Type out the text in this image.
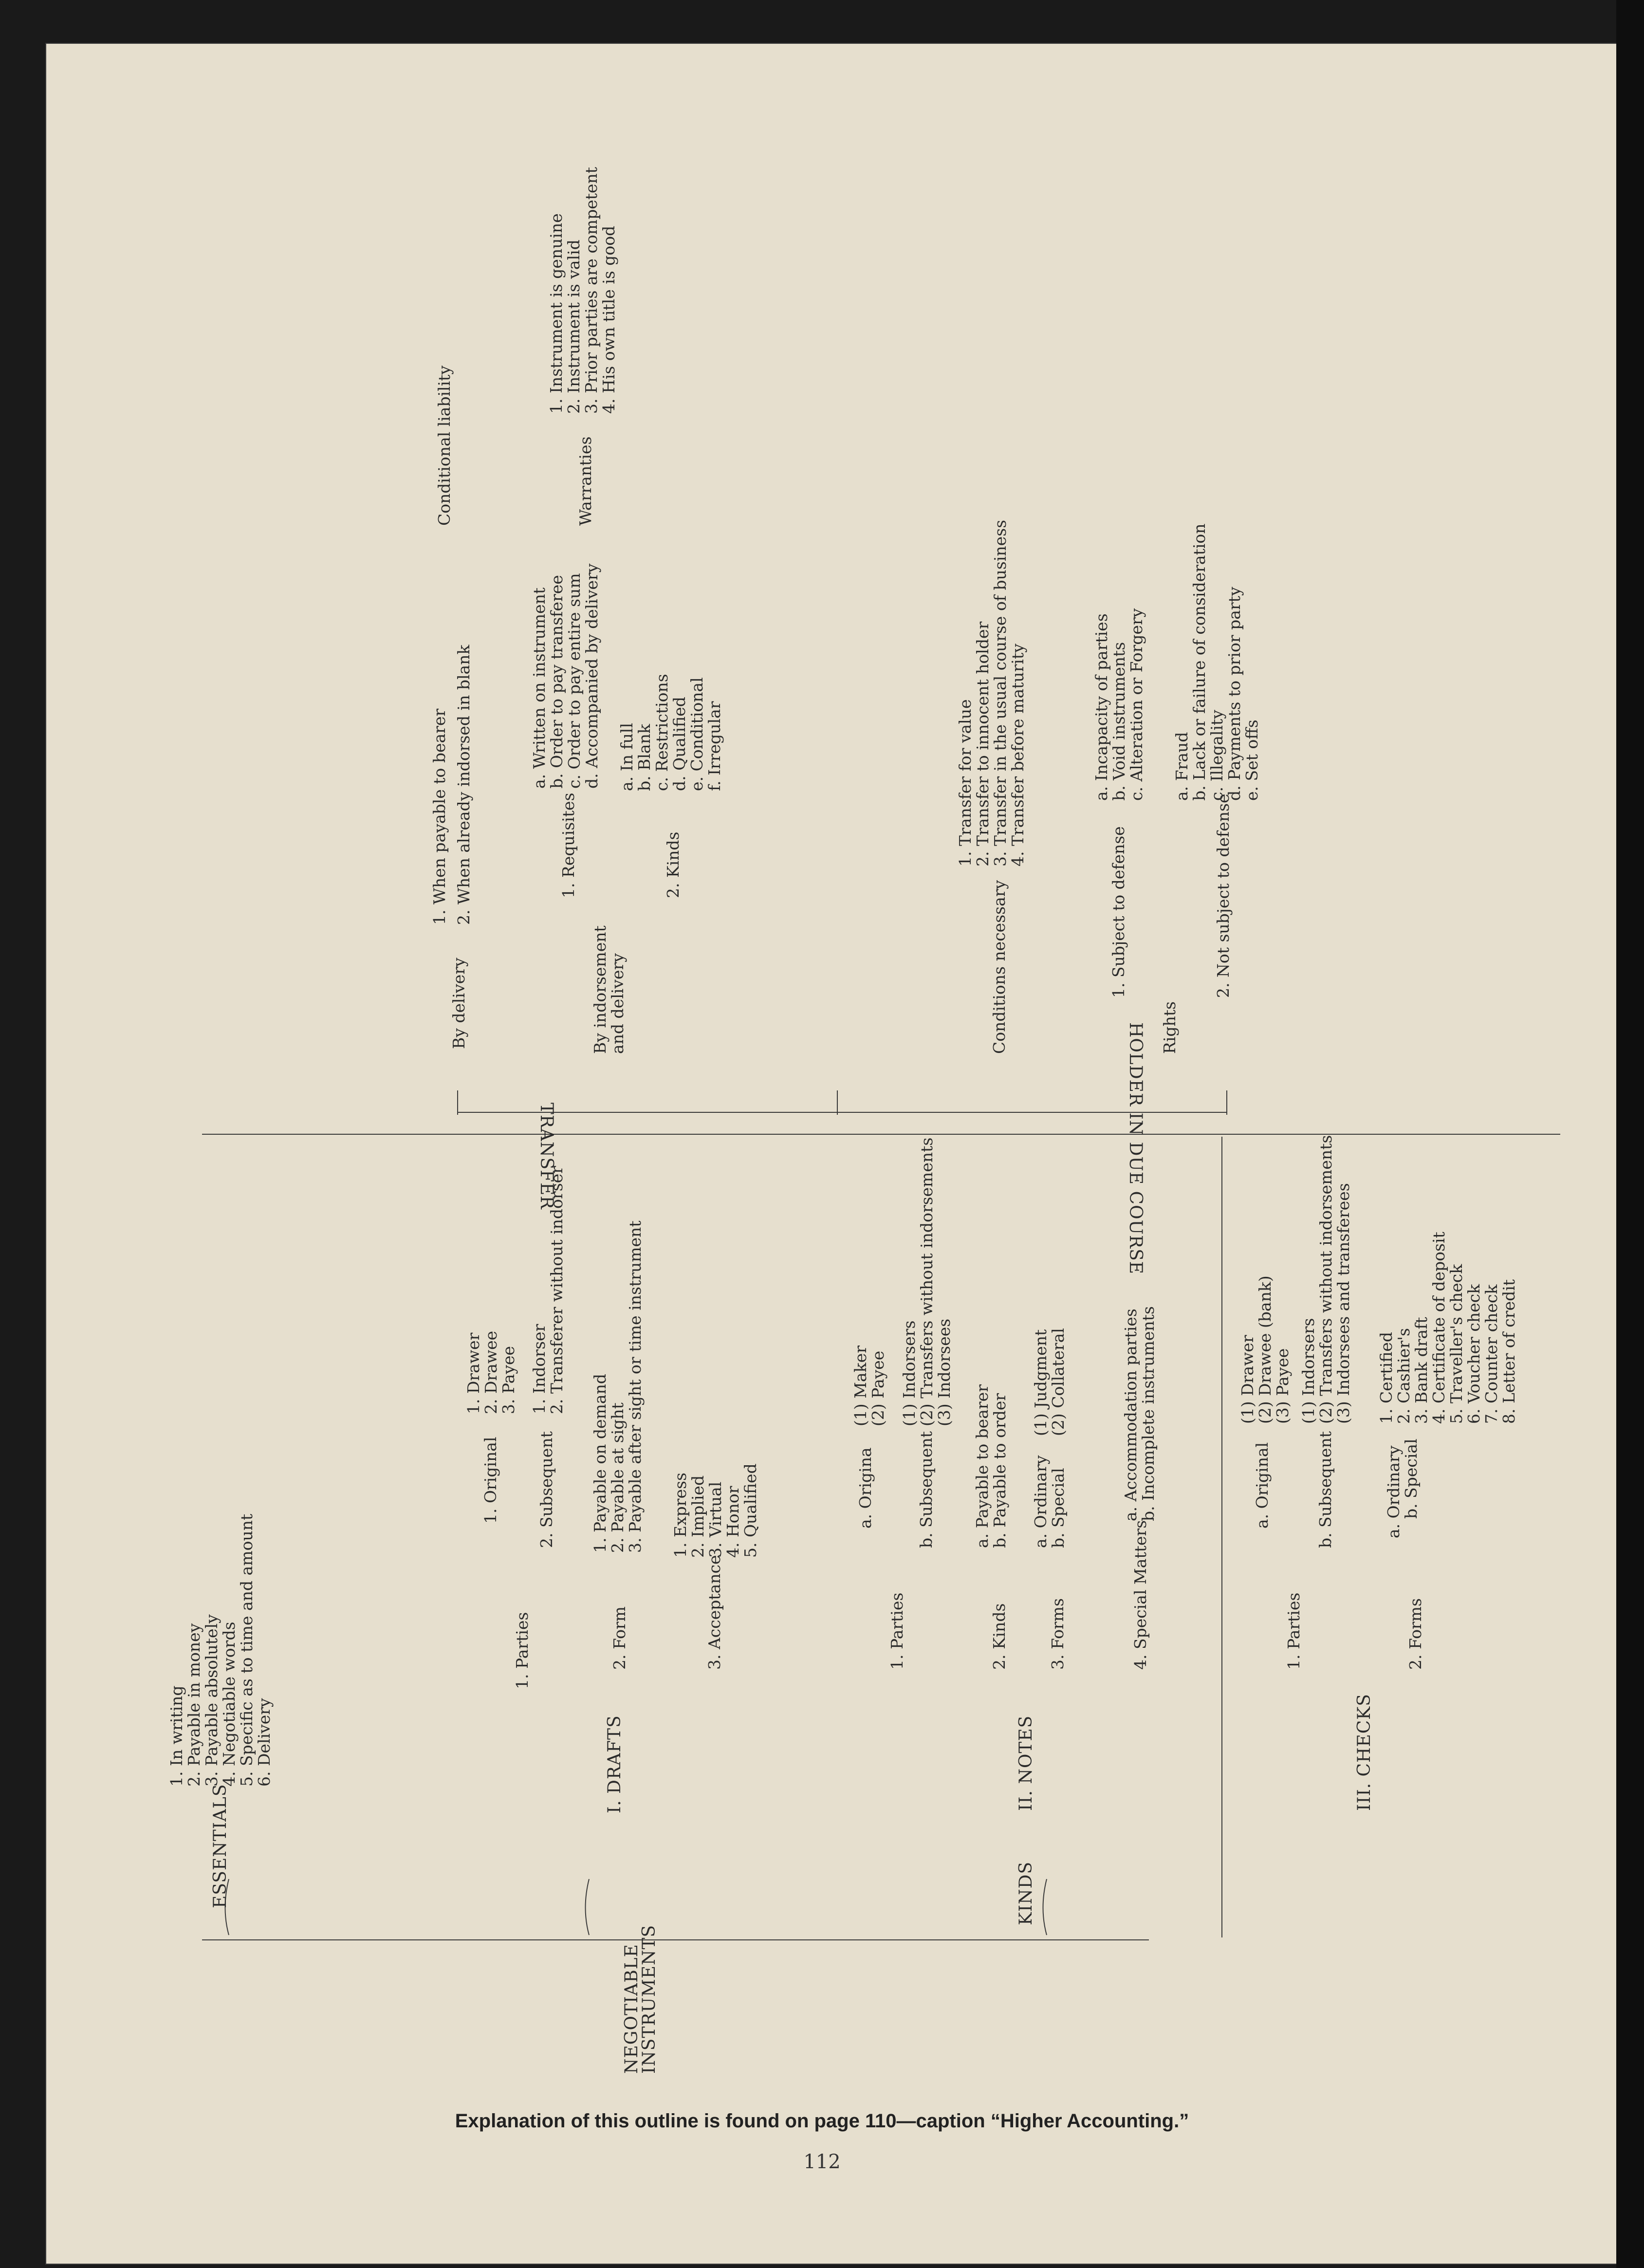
NEGOTIABLE
INSTRUMENTS
ESSENTIALS
1. In writing
2. Payable in money
3. Payable absolutely
4. Negotiable words
5. Specific as to time and amount
6. Delivery
KINDS
I. DRAFTS
1. Parties
1. Original
1. Drawer
2. Drawee
3. Payee
2. Subsequent
1. Indorser
2. Transferer without indorser
2. Form
1. Payable on demand
2. Payable at sight
3. Payable after sight or time instrument
3. Acceptance
1. Express
2. Implied
3. Virtual
4. Honor
5. Qualified
II. NOTES
1. Parties
a. Origina
(1) Maker
(2) Payee
b. Subsequent
(1) Indorsers
(2) Transfers without indorsements
(3) Indorsees
2. Kinds
a. Payable to bearer
b. Payable to order
3. Forms
a. Ordinary
b. Special
(1) Judgment
(2) Collateral
4. Special Matters
a. Accommodation parties
b. Incomplete instruments
III. CHECKS
1. Parties
a. Original
(1) Drawer
(2) Drawee (bank)
(3) Payee
b. Subsequent
(1) Indorsers
(2) Transfers without indorsements
(3) Indorsees and transferees
2. Forms
a. Ordinary
b. Special
1. Certified
2. Cashier's
3. Bank draft
4. Certificate of deposit
5. Traveller's check
6. Voucher check
7. Counter check
8. Letter of credit
TRANSFER
By delivery
1. When payable to bearer 2. When already indorsed in blank
Conditional liability
By indorsement
and delivery
1. Requisites
a. Written on instrument
b. Order to pay transferee
c. Order to pay entire sum
d. Accompanied by delivery
Warranties
1. Instrument is genuine
2. Instrument is valid
3. Prior parties are competent
4. His own title is good
2. Kinds
a. In full
b. Blank
c. Restrictions
d. Qualified
e. Conditional
f. Irregular
HOLDER IN DUE COURSE
Conditions necessary
1. Transfer for value
2. Transfer to innocent holder
3. Transfer in the usual course of business
4. Transfer before maturity
Rights
1. Subject to defense
a. Incapacity of parties
b. Void instruments
c. Alteration or Forgery
2. Not subject to defense
a. Fraud
b. Lack or failure of consideration
c. Illegality
d. Payments to prior party
e. Set offs
Explanation of this outline is found on page 110—caption “Higher Accounting.”
112
